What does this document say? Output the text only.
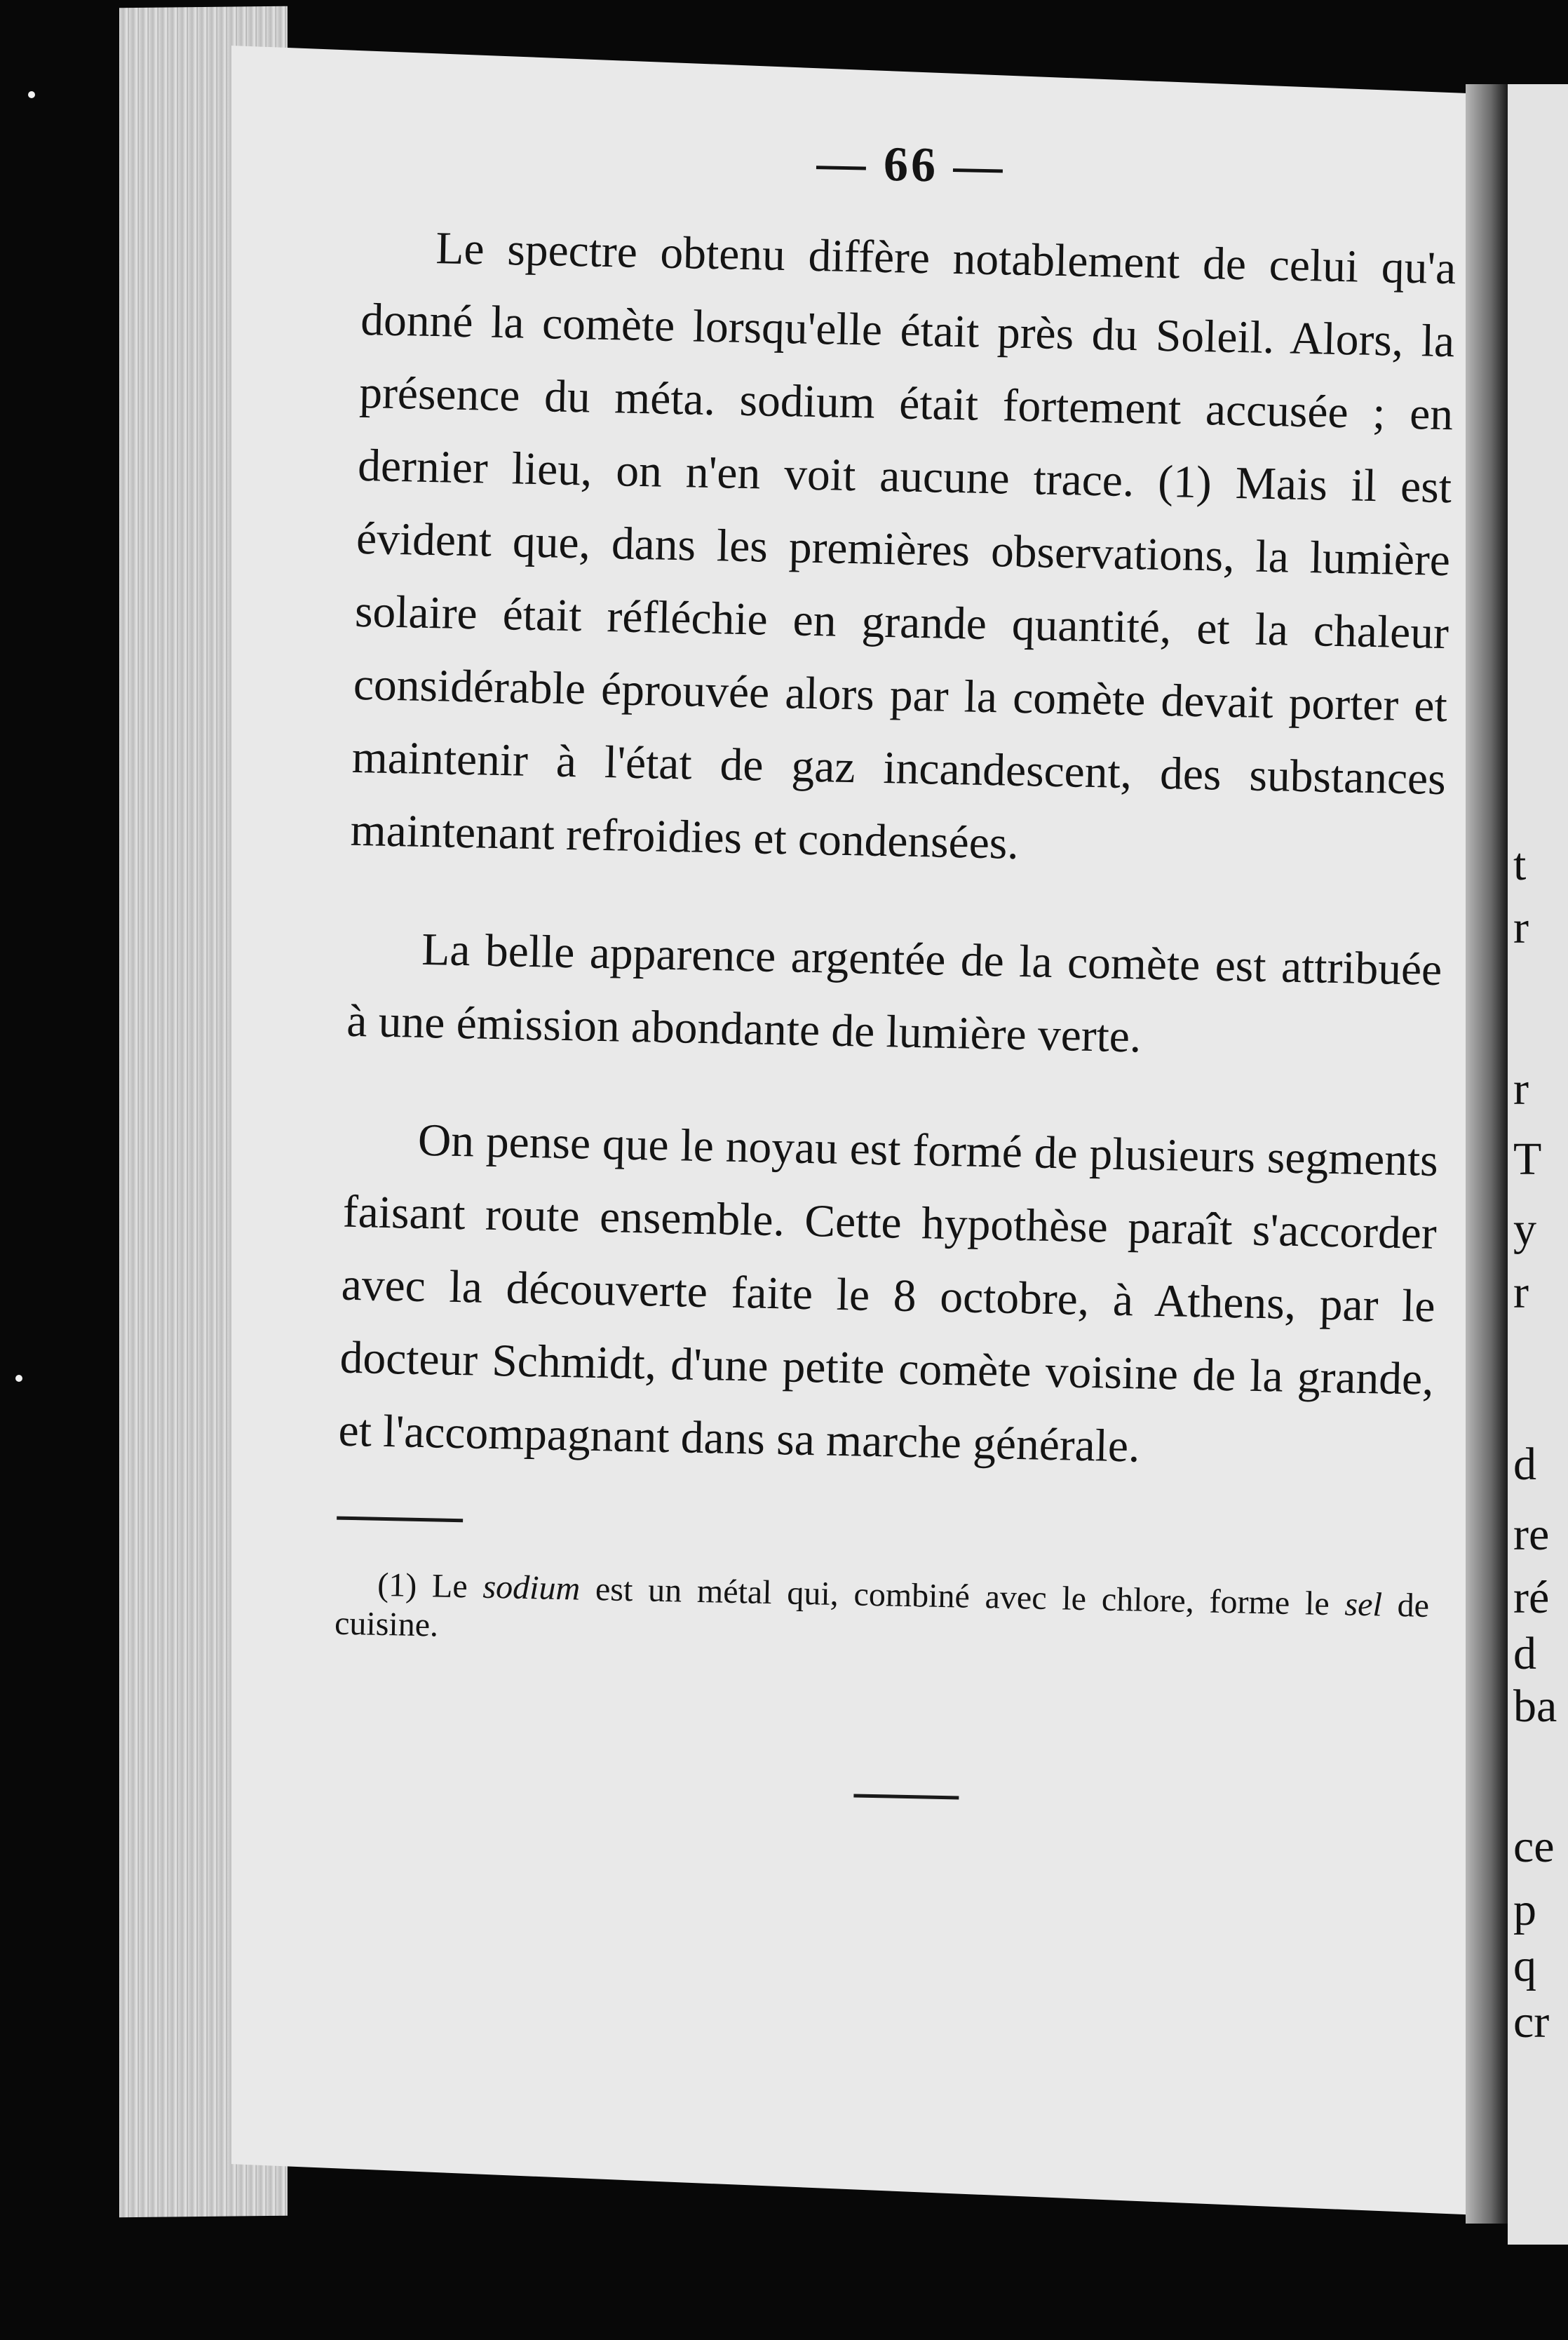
t
r
r
T
y
r
d
re
ré
d
ba
ce
p
q
cr
— 66 —

Le spectre obtenu diffère notablement de celui qu'a donné la comète lorsqu'elle était près du Soleil. Alors, la présence du méta. sodium était fortement accusée ; en dernier lieu, on n'en voit aucune trace. (1) Mais il est évident que, dans les premières observations, la lumière solaire était réfléchie en grande quantité, et la chaleur considérable éprouvée alors par la comète devait porter et maintenir à l'état de gaz incandescent, des substances maintenant refroidies et condensées.

La belle apparence argentée de la comète est attribuée à une émission abondante de lumière verte.

On pense que le noyau est formé de plusieurs segments faisant route ensemble. Cette hypothèse paraît s'accorder avec la découverte faite le 8 octobre, à Athens, par le docteur Schmidt, d'une petite comète voisine de la grande, et l'accompagnant dans sa marche générale.

(1) Le sodium est un métal qui, combiné avec le chlore, forme le sel de cuisine.
